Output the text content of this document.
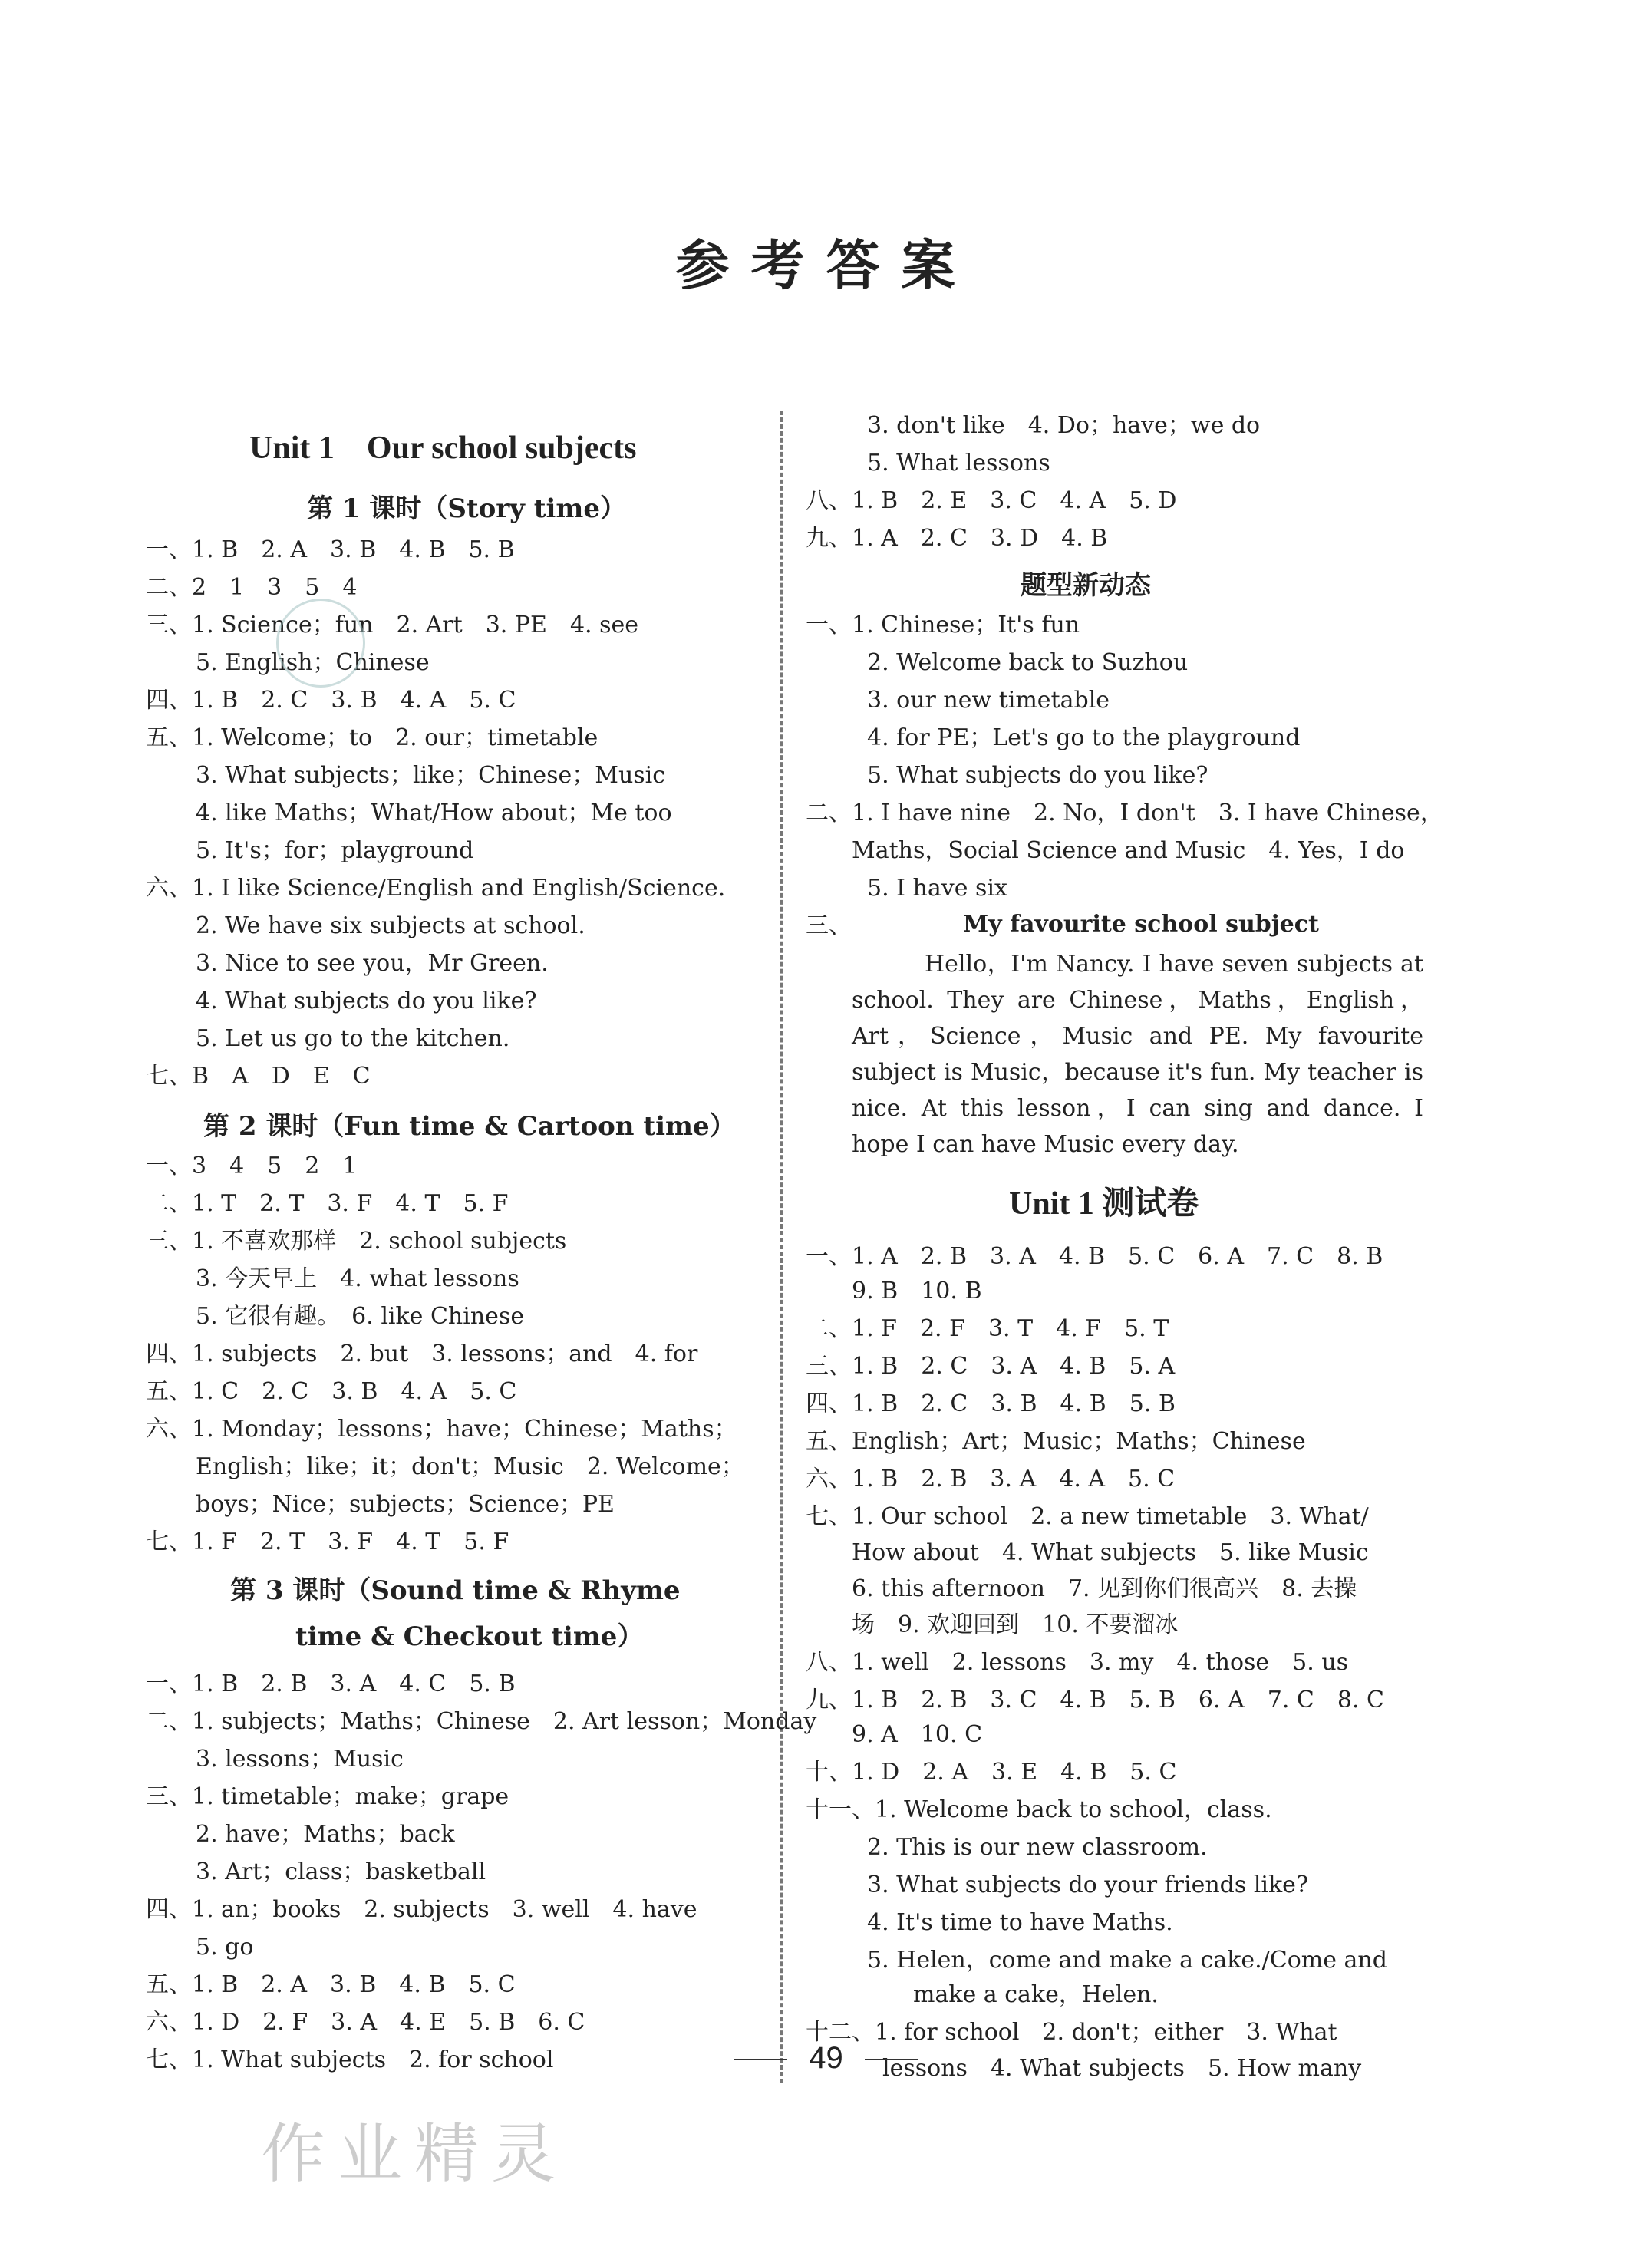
参考答案
Unit 1　Our school subjects
第 1 课时（Story time）
一、1. B　2. A　3. B　4. B　5. B
二、2　1　3　5　4
三、1. Science；fun　2. Art　3. PE　4. see
5. English；Chinese
四、1. B　2. C　3. B　4. A　5. C
五、1. Welcome；to　2. our；timetable
3. What subjects；like；Chinese；Music
4. like Maths；What/How about；Me too
5. It's；for；playground
六、1. I like Science/English and English/Science.
2. We have six subjects at school.
3. Nice to see you，Mr Green.
4. What subjects do you like?
5. Let us go to the kitchen.
七、B　A　D　E　C
第 2 课时（Fun time & Cartoon time）
一、3　4　5　2　1
二、1. T　2. T　3. F　4. T　5. F
三、1. 不喜欢那样　2. school subjects
3. 今天早上　4. what lessons
5. 它很有趣。　6. like Chinese
四、1. subjects　2. but　3. lessons；and　4. for
五、1. C　2. C　3. B　4. A　5. C
六、1. Monday；lessons；have；Chinese；Maths；
English；like；it；don't；Music　2. Welcome；
boys；Nice；subjects；Science；PE
七、1. F　2. T　3. F　4. T　5. F
第 3 课时（Sound time & Rhyme
time & Checkout time）
一、1. B　2. B　3. A　4. C　5. B
二、1. subjects；Maths；Chinese　2. Art lesson；Monday
3. lessons；Music
三、1. timetable；make；grape
2. have；Maths；back
3. Art；class；basketball
四、1. an；books　2. subjects　3. well　4. have
5. go
五、1. B　2. A　3. B　4. B　5. C
六、1. D　2. F　3. A　4. E　5. B　6. C
七、1. What subjects　2. for school
3. don't like　4. Do；have；we do
5. What lessons
八、1. B　2. E　3. C　4. A　5. D
九、1. A　2. C　3. D　4. B
题型新动态
一、1. Chinese；It's fun
2. Welcome back to Suzhou
3. our new timetable
4. for PE；Let's go to the playground
5. What subjects do you like?
二、1. I have nine　2. No，I don't　3. I have Chinese，
Maths，Social Science and Music　4. Yes，I do
5. I have six
三、	My favourite school subject
Hello，I'm Nancy. I have seven subjects at school. They are Chinese，Maths，English，Art，Science，Music and PE. My favourite subject is Music，because it's fun. My teacher is nice. At this lesson，I can sing and dance. I hope I can have Music every day.
Unit 1 测试卷
一、1. A　2. B　3. A　4. B　5. C　6. A　7. C　8. B
9. B　10. B
二、1. F　2. F　3. T　4. F　5. T
三、1. B　2. C　3. A　4. B　5. A
四、1. B　2. C　3. B　4. B　5. B
五、English；Art；Music；Maths；Chinese
六、1. B　2. B　3. A　4. A　5. C
七、1. Our school　2. a new timetable　3. What/
How about　4. What subjects　5. like Music
6. this afternoon　7. 见到你们很高兴　8. 去操
场　9. 欢迎回到　10. 不要溜冰
八、1. well　2. lessons　3. my　4. those　5. us
九、1. B　2. B　3. C　4. B　5. B　6. A　7. C　8. C
9. A　10. C
十、1. D　2. A　3. E　4. B　5. C
十一、1. Welcome back to school，class.
2. This is our new classroom.
3. What subjects do your friends like?
4. It's time to have Maths.
5. Helen，come and make a cake./Come and
make a cake，Helen.
十二、1. for school　2. don't；either　3. What
lessons　4. What subjects　5. How many
49
作业精灵
